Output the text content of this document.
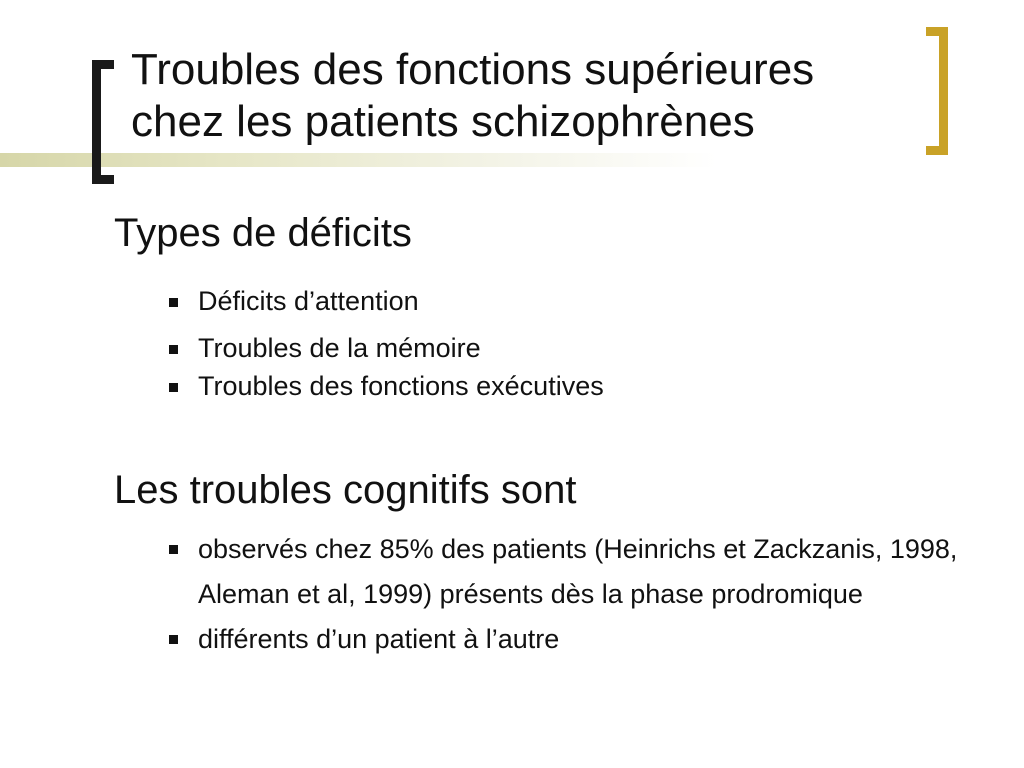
Troubles des fonctions supérieures
chez les patients schizophrènes
Types de déficits
Déficits d’attention
Troubles de la mémoire
Troubles des fonctions exécutives
Les troubles cognitifs sont
observés chez 85% des patients (Heinrichs et Zackzanis, 1998, Aleman et al, 1999) présents dès la phase prodromique
différents d’un patient à l’autre
